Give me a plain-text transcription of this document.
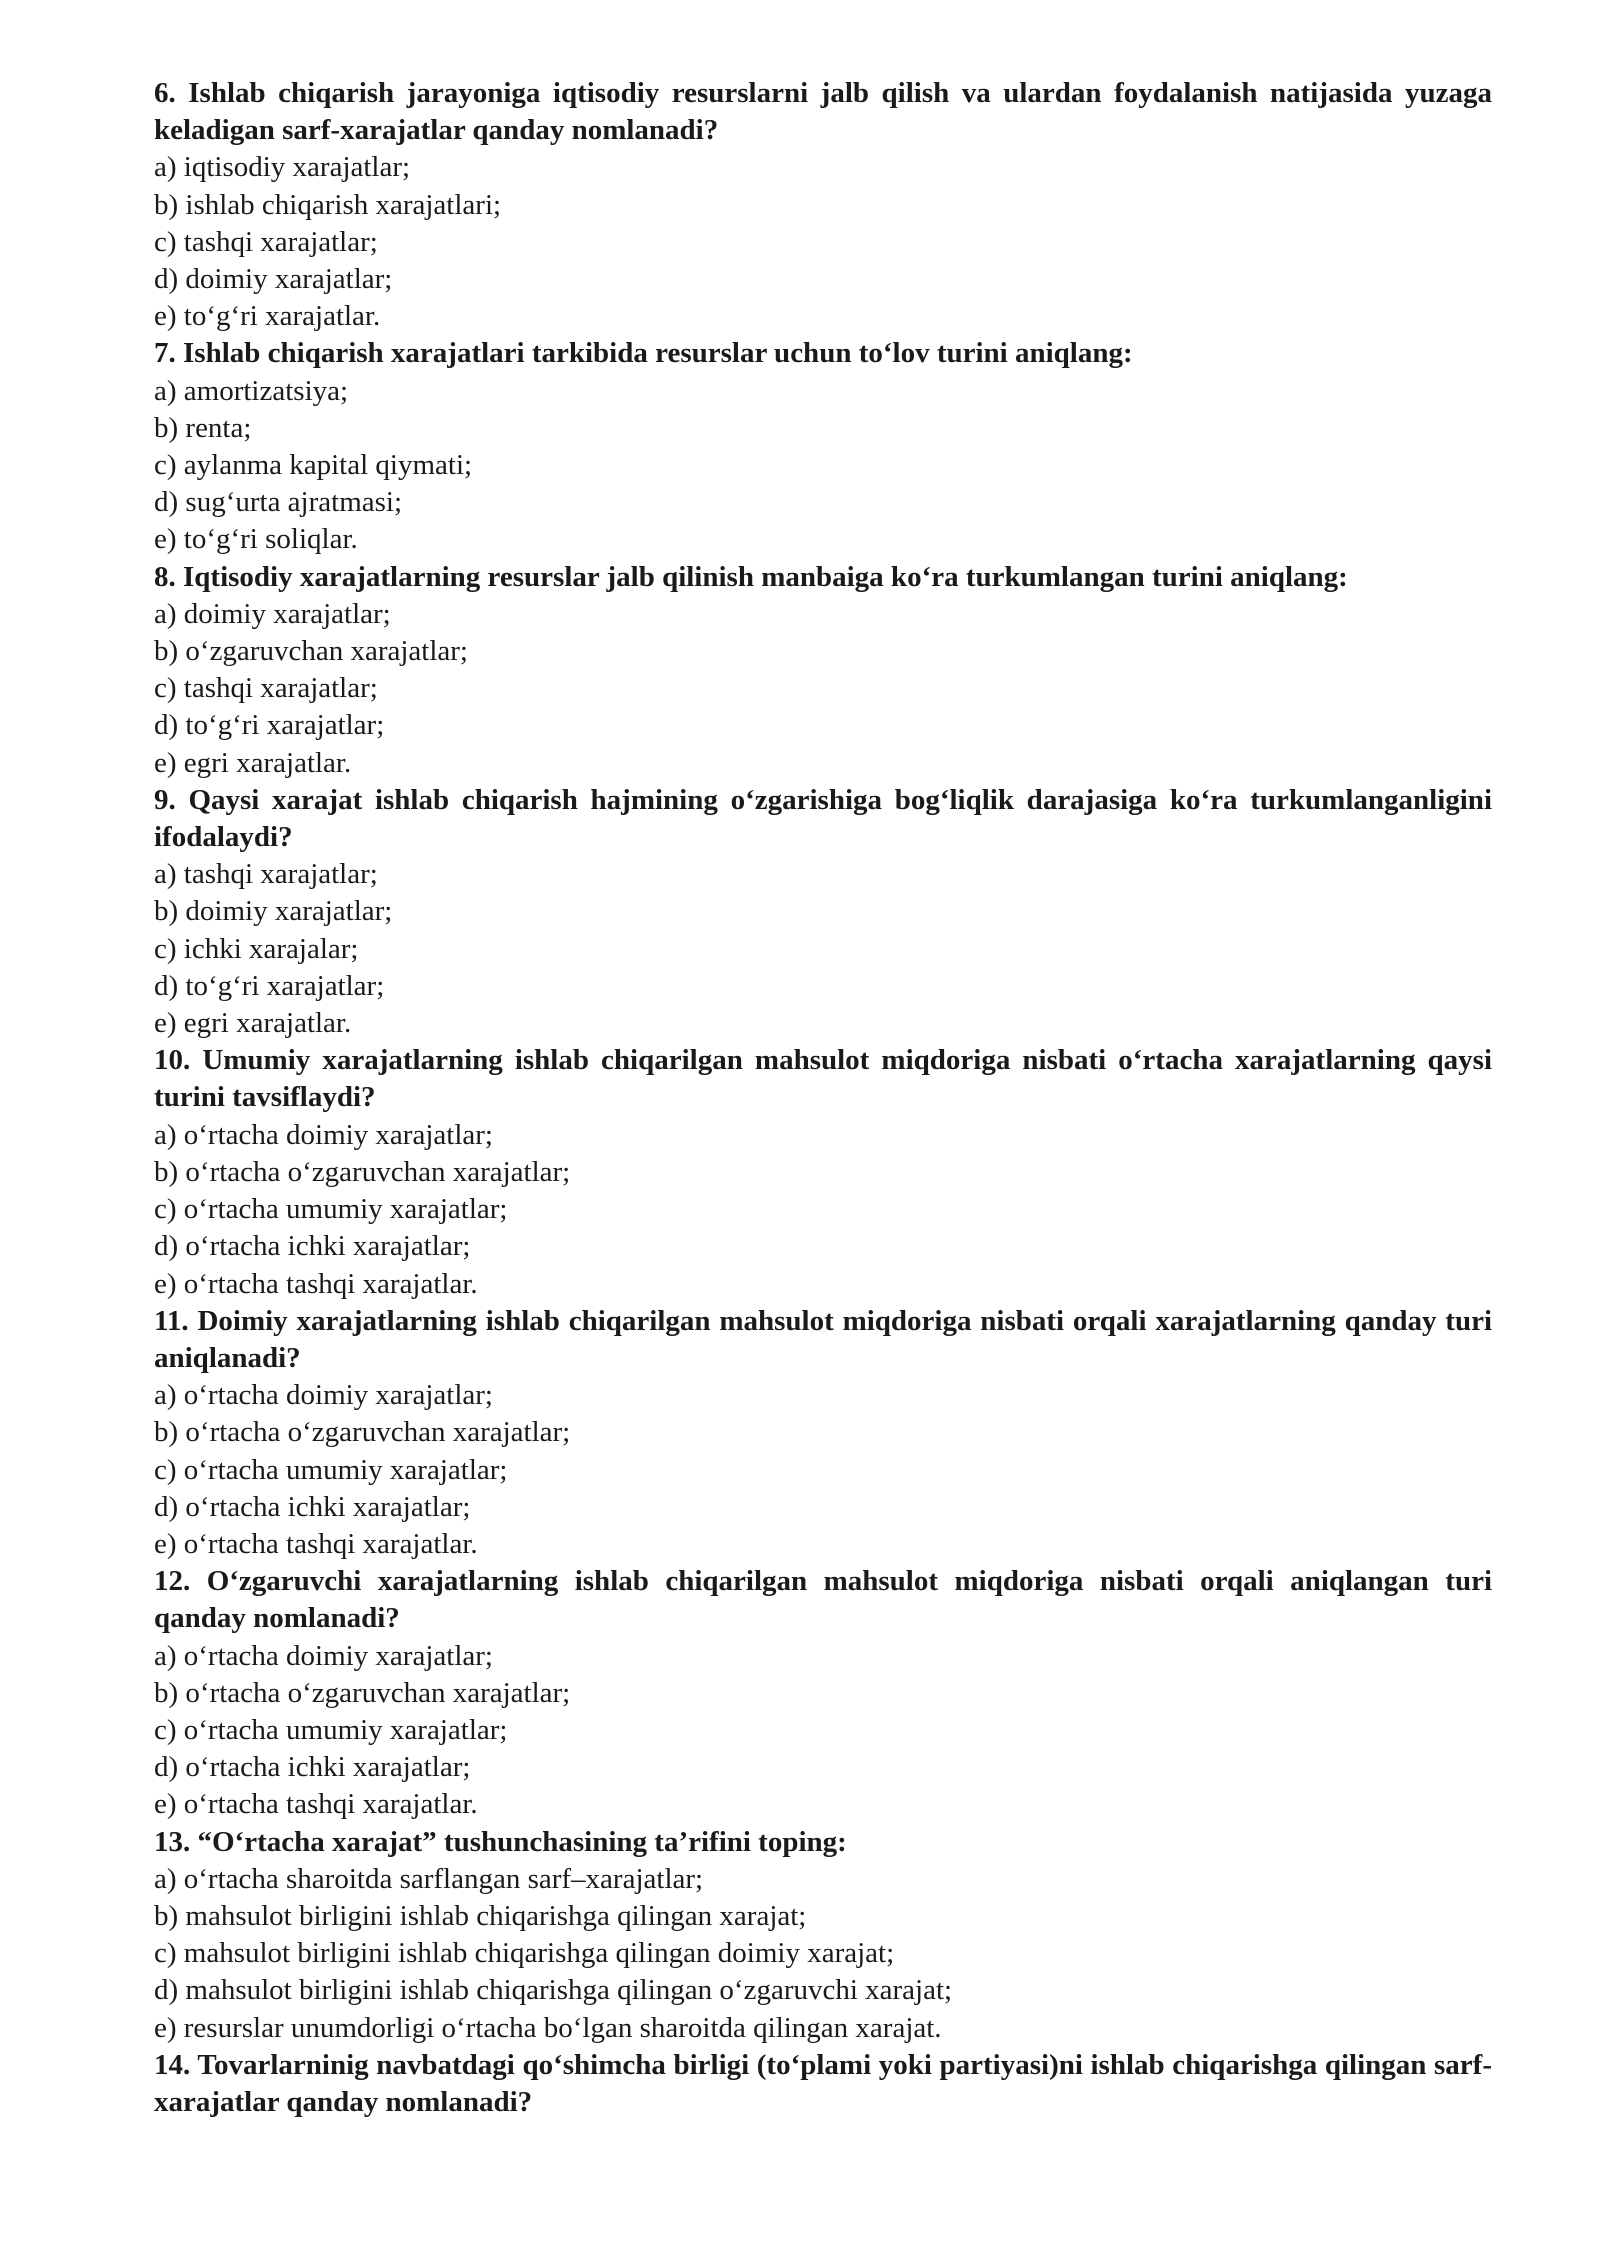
6. Ishlab chiqarish jarayoniga iqtisodiy resurslarni jalb qilish va ulardan foydalanish natijasida yuzaga keladigan sarf-xarajatlar qanday nomlanadi?

a) iqtisodiy xarajatlar;

b) ishlab chiqarish xarajatlari;

c) tashqi xarajatlar;

d) doimiy xarajatlar;

e) to‘g‘ri xarajatlar.

7. Ishlab chiqarish xarajatlari tarkibida resurslar uchun to‘lov turini aniqlang:

a) amortizatsiya;

b) renta;

c) aylanma kapital qiymati;

d) sug‘urta ajratmasi;

e) to‘g‘ri soliqlar.

8. Iqtisodiy xarajatlarning resurslar jalb qilinish manbaiga ko‘ra turkumlangan turini aniqlang:

a) doimiy xarajatlar;

b) o‘zgaruvchan xarajatlar;

c) tashqi xarajatlar;

d) to‘g‘ri xarajatlar;

e) egri xarajatlar.

9. Qaysi xarajat ishlab chiqarish hajmining o‘zgarishiga bog‘liqlik darajasiga ko‘ra turkumlanganligini ifodalaydi?

a) tashqi xarajatlar;

b) doimiy xarajatlar;

c) ichki xarajalar;

d) to‘g‘ri xarajatlar;

e) egri xarajatlar.

10. Umumiy xarajatlarning ishlab chiqarilgan mahsulot miqdoriga nisbati o‘rtacha xarajatlarning qaysi turini tavsiflaydi?

a) o‘rtacha doimiy xarajatlar;

b) o‘rtacha o‘zgaruvchan xarajatlar;

c) o‘rtacha umumiy xarajatlar;

d) o‘rtacha ichki xarajatlar;

e) o‘rtacha tashqi xarajatlar.

11. Doimiy xarajatlarning ishlab chiqarilgan mahsulot miqdoriga nisbati orqali xarajatlarning qanday turi aniqlanadi?

a) o‘rtacha doimiy xarajatlar;

b) o‘rtacha o‘zgaruvchan xarajatlar;

c) o‘rtacha umumiy xarajatlar;

d) o‘rtacha ichki xarajatlar;

e) o‘rtacha tashqi xarajatlar.

12. O‘zgaruvchi xarajatlarning ishlab chiqarilgan mahsulot miqdoriga nisbati orqali aniqlangan turi qanday nomlanadi?

a) o‘rtacha doimiy xarajatlar;

b) o‘rtacha o‘zgaruvchan xarajatlar;

c) o‘rtacha umumiy xarajatlar;

d) o‘rtacha ichki xarajatlar;

e) o‘rtacha tashqi xarajatlar.

13. “O‘rtacha xarajat” tushunchasining ta’rifini toping:

a) o‘rtacha sharoitda sarflangan sarf–xarajatlar;

b) mahsulot birligini ishlab chiqarishga qilingan xarajat;

c) mahsulot birligini ishlab chiqarishga qilingan doimiy xarajat;

d) mahsulot birligini ishlab chiqarishga qilingan o‘zgaruvchi xarajat;

e) resurslar unumdorligi o‘rtacha bo‘lgan sharoitda qilingan xarajat.

14. Tovarlarninig navbatdagi qo‘shimcha birligi (to‘plami yoki partiyasi)ni ishlab chiqarishga qilingan sarf-xarajatlar qanday nomlanadi?
